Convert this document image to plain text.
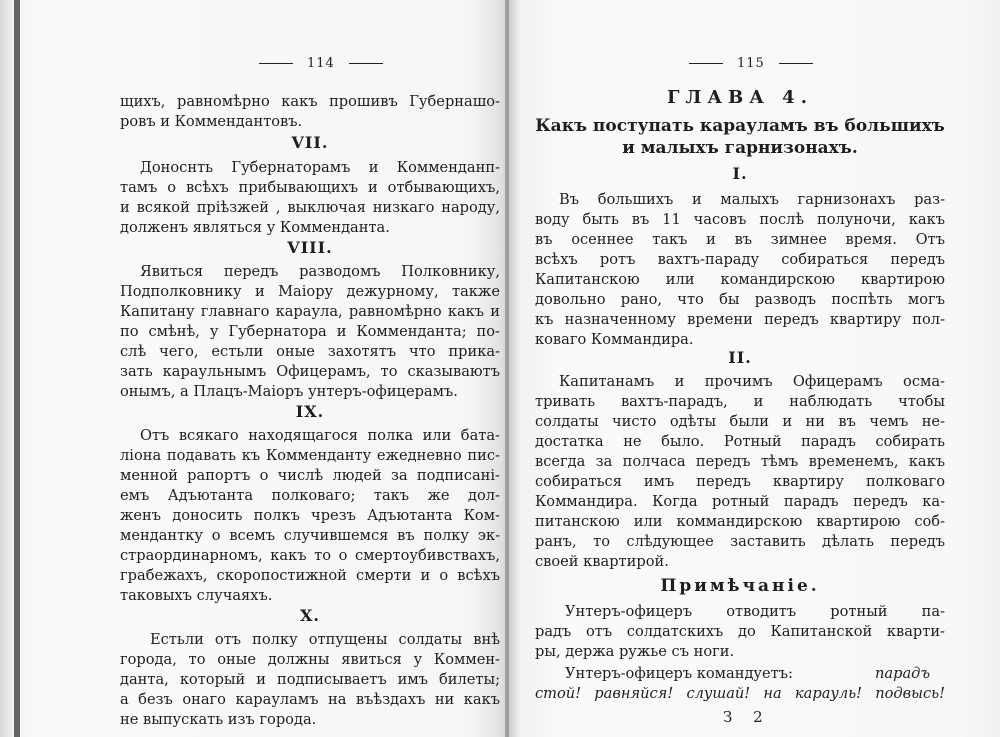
114
щихъ, равномѣрно какъ прошивъ Губернашо-
ровъ и Коммендантовъ.
VII.
Доноснть Губернаторамъ и Комменданп-
тамъ о всѣхъ прибывающихъ и отбывающихъ,
и всякой пріѣзжей , выключая низкаго народу,
долженъ являться у Комменданта.
VIII.
Явиться передъ разводомъ Полковнику,
Подполковнику и Маіору дежурному, также
Капитану главнаго караула, равномѣрно какъ и
по смѣнѣ, у Губернатора и Комменданта; по-
слѣ чего, естьли оные захотятъ что прика-
зать караульнымъ Офицерамъ, то сказываютъ
онымъ, а Плацъ-Маіоръ унтеръ-офицерамъ.
IX.
Отъ всякаго находящагося полка или бата-
ліона подавать къ Комменданту ежедневно пис-
менной рапортъ о числѣ людей за подписані-
емъ Адъютанта полковаго; такъ же дол-
женъ доносить полкъ чрезъ Адъютанта Ком-
мендантку о всемъ случившемся въ полку эк-
страординарномъ, какъ то о смертоубивствахъ,
грабежахъ, скоропостижной смерти и о всѣхъ
таковыхъ случаяхъ.
X.
Естьли отъ полку отпущены солдаты внѣ
города, то оные должны явиться у Коммен-
данта, который и подписываетъ имъ билеты;
а безъ онаго карауламъ на въѣздахъ ни какъ
не выпускать изъ города.
115
ГЛАВА 4.
Какъ поступать карауламъ въ большихъ
и малыхъ гарнизонахъ.
I.
Въ большихъ и малыхъ гарнизонахъ раз-
воду быть въ 11 часовъ послѣ полуночи, какъ
въ осеннее такъ и въ зимнее время. Отъ
всѣхъ ротъ вахтъ-параду собираться передъ
Капитанскою или командирскою квартирою
довольно рано, что бы разводъ поспѣть могъ
къ назначенному времени передъ квартиру пол-
коваго Коммандира.
II.
Капитанамъ и прочимъ Офицерамъ осма-
тривать вахтъ-парадъ, и наблюдать чтобы
солдаты чисто одѣты были и ни въ чемъ не-
достатка не было. Ротный парадъ собирать
всегда за полчаса передъ тѣмъ временемъ, какъ
собираться имъ передъ квартиру полковаго
Коммандира. Когда ротный парадъ передъ ка-
питанскою или коммандирскою квартирою соб-
ранъ, то слѣдующее заставить дѣлать передъ
своей квартирой.
Примѣчаніе.
Унтеръ-офицеръ отводитъ ротный па-
радъ отъ солдатскихъ до Капитанской кварти-
ры, держа ружье съ ноги.
Унтеръ-офицеръ командуетъ:	парадъ
стой! равняйся! слушай! на карауль! подвысь!
З 2
